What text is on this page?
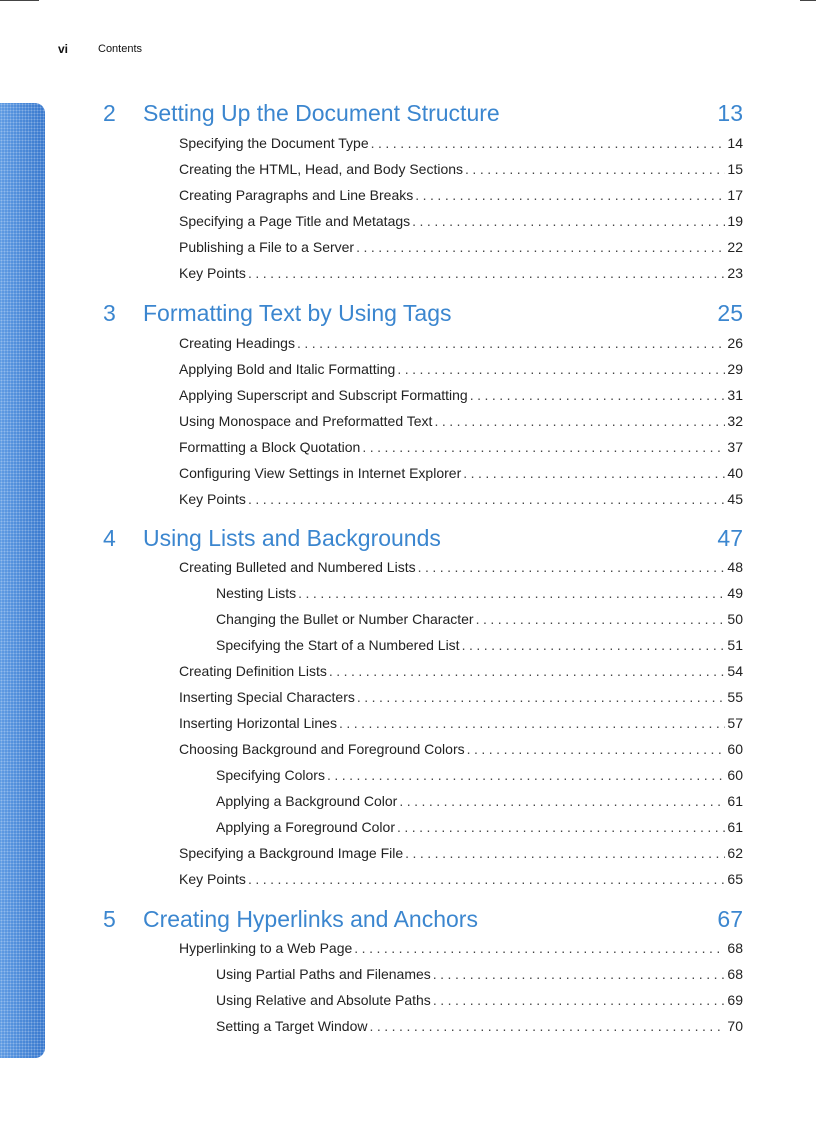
vi	Contents
2 Setting Up the Document Structure	13
Specifying the Document Type .....	14
Creating the HTML, Head, and Body Sections .....	15
Creating Paragraphs and Line Breaks .....	17
Specifying a Page Title and Metatags .....	19
Publishing a File to a Server .....	22
Key Points .....	23
3 Formatting Text by Using Tags	25
Creating Headings .....	26
Applying Bold and Italic Formatting .....	29
Applying Superscript and Subscript Formatting .....	31
Using Monospace and Preformatted Text .....	32
Formatting a Block Quotation .....	37
Configuring View Settings in Internet Explorer .....	40
Key Points .....	45
4 Using Lists and Backgrounds	47
Creating Bulleted and Numbered Lists .....	48
Nesting Lists .....	49
Changing the Bullet or Number Character .....	50
Specifying the Start of a Numbered List .....	51
Creating Definition Lists .....	54
Inserting Special Characters .....	55
Inserting Horizontal Lines .....	57
Choosing Background and Foreground Colors .....	60
Specifying Colors .....	60
Applying a Background Color .....	61
Applying a Foreground Color .....	61
Specifying a Background Image File .....	62
Key Points .....	65
5 Creating Hyperlinks and Anchors	67
Hyperlinking to a Web Page .....	68
Using Partial Paths and Filenames .....	68
Using Relative and Absolute Paths .....	69
Setting a Target Window .....	70
